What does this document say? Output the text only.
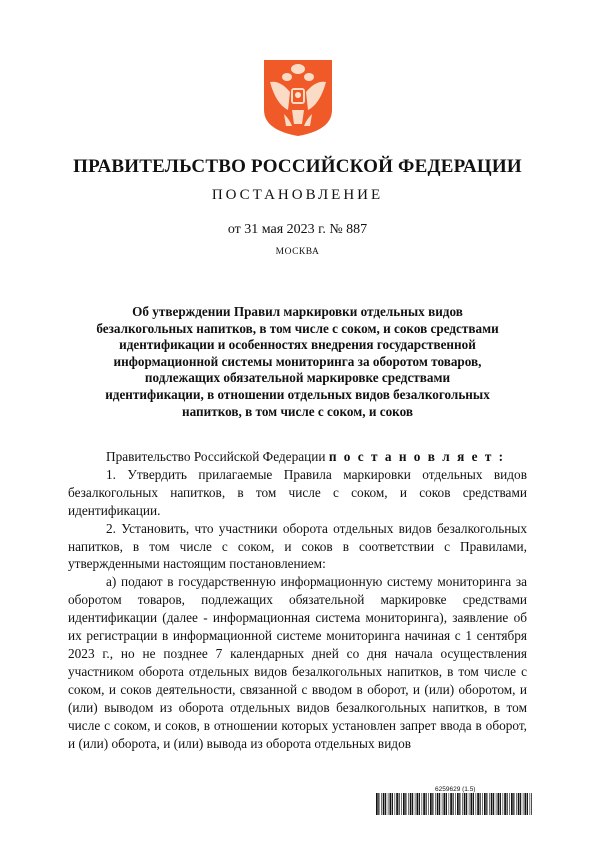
ПРАВИТЕЛЬСТВО РОССИЙСКОЙ ФЕДЕРАЦИИ
ПОСТАНОВЛЕНИЕ
от 31 мая 2023 г. № 887
МОСКВА
Об утверждении Правил маркировки отдельных видов безалкогольных напитков, в том числе с соком, и соков средствами идентификации и особенностях внедрения государственной информационной системы мониторинга за оборотом товаров, подлежащих обязательной маркировке средствами идентификации, в отношении отдельных видов безалкогольных напитков, в том числе с соком, и соков

Правительство Российской Федерации п о с т а н о в л я е т :

1. Утвердить прилагаемые Правила маркировки отдельных видов безалкогольных напитков, в том числе с соком, и соков средствами идентификации.

2. Установить, что участники оборота отдельных видов безалкогольных напитков, в том числе с соком, и соков в соответствии с Правилами, утвержденными настоящим постановлением:

а) подают в государственную информационную систему мониторинга за оборотом товаров, подлежащих обязательной маркировке средствами идентификации (далее - информационная система мониторинга), заявление об их регистрации в информационной системе мониторинга начиная с 1 сентября 2023 г., но не позднее 7 календарных дней со дня начала осуществления участником оборота отдельных видов безалкогольных напитков, в том числе с соком, и соков деятельности, связанной с вводом в оборот, и (или) оборотом, и (или) выводом из оборота отдельных видов безалкогольных напитков, в том числе с соком, и соков, в отношении которых установлен запрет ввода в оборот, и (или) оборота, и (или) вывода из оборота отдельных видов

6259629 (1.5)
